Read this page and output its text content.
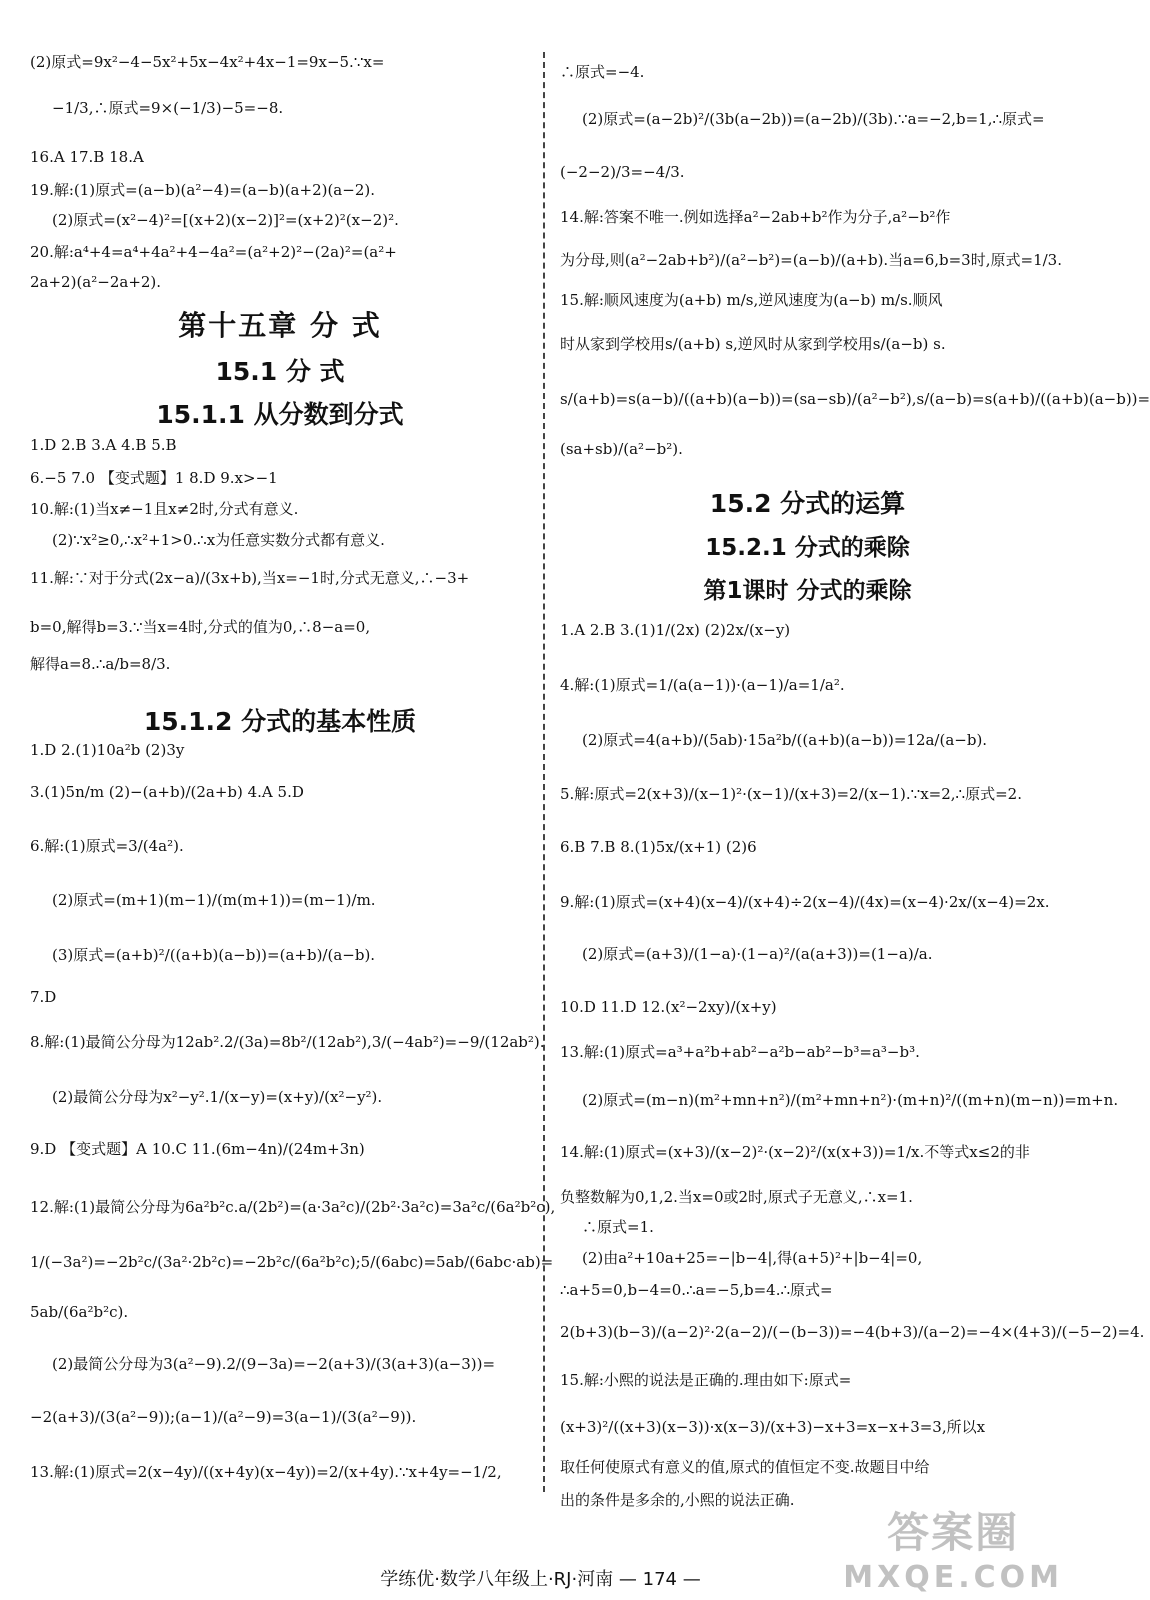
(2)原式=9x²−4−5x²+5x−4x²+4x−1=9x−5.∵x=
−1/3,∴原式=9×(−1/3)−5=−8.
16.A 17.B 18.A
19.解:(1)原式=(a−b)(a²−4)=(a−b)(a+2)(a−2).
(2)原式=(x²−4)²=[(x+2)(x−2)]²=(x+2)²(x−2)².
20.解:a⁴+4=a⁴+4a²+4−4a²=(a²+2)²−(2a)²=(a²+
2a+2)(a²−2a+2).
第十五章 分 式
15.1 分 式
15.1.1 从分数到分式
1.D 2.B 3.A 4.B 5.B
6.−5 7.0 【变式题】1 8.D 9.x>−1
10.解:(1)当x≠−1且x≠2时,分式有意义.
(2)∵x²≥0,∴x²+1>0.∴x为任意实数分式都有意义.
11.解:∵对于分式(2x−a)/(3x+b),当x=−1时,分式无意义,∴−3+
b=0,解得b=3.∵当x=4时,分式的值为0,∴8−a=0,
解得a=8.∴a/b=8/3.
15.1.2 分式的基本性质
1.D 2.(1)10a²b (2)3y
3.(1)5n/m (2)−(a+b)/(2a+b) 4.A 5.D
6.解:(1)原式=3/(4a²).
(2)原式=(m+1)(m−1)/(m(m+1))=(m−1)/m.
(3)原式=(a+b)²/((a+b)(a−b))=(a+b)/(a−b).
7.D
8.解:(1)最简公分母为12ab².2/(3a)=8b²/(12ab²),3/(−4ab²)=−9/(12ab²).
(2)最简公分母为x²−y².1/(x−y)=(x+y)/(x²−y²).
9.D 【变式题】A 10.C 11.(6m−4n)/(24m+3n)
12.解:(1)最简公分母为6a²b²c.a/(2b²)=(a·3a²c)/(2b²·3a²c)=3a²c/(6a²b²c),
1/(−3a²)=−2b²c/(3a²·2b²c)=−2b²c/(6a²b²c);5/(6abc)=5ab/(6abc·ab)=
5ab/(6a²b²c).
(2)最简公分母为3(a²−9).2/(9−3a)=−2(a+3)/(3(a+3)(a−3))=
−2(a+3)/(3(a²−9));(a−1)/(a²−9)=3(a−1)/(3(a²−9)).
13.解:(1)原式=2(x−4y)/((x+4y)(x−4y))=2/(x+4y).∵x+4y=−1/2,
∴原式=−4.
(2)原式=(a−2b)²/(3b(a−2b))=(a−2b)/(3b).∵a=−2,b=1,∴原式=
(−2−2)/3=−4/3.
14.解:答案不唯一.例如选择a²−2ab+b²作为分子,a²−b²作
为分母,则(a²−2ab+b²)/(a²−b²)=(a−b)/(a+b).当a=6,b=3时,原式=1/3.
15.解:顺风速度为(a+b) m/s,逆风速度为(a−b) m/s.顺风
时从家到学校用s/(a+b) s,逆风时从家到学校用s/(a−b) s.
s/(a+b)=s(a−b)/((a+b)(a−b))=(sa−sb)/(a²−b²),s/(a−b)=s(a+b)/((a+b)(a−b))=
(sa+sb)/(a²−b²).
15.2 分式的运算
15.2.1 分式的乘除
第1课时 分式的乘除
1.A 2.B 3.(1)1/(2x) (2)2x/(x−y)
4.解:(1)原式=1/(a(a−1))·(a−1)/a=1/a².
(2)原式=4(a+b)/(5ab)·15a²b/((a+b)(a−b))=12a/(a−b).
5.解:原式=2(x+3)/(x−1)²·(x−1)/(x+3)=2/(x−1).∵x=2,∴原式=2.
6.B 7.B 8.(1)5x/(x+1) (2)6
9.解:(1)原式=(x+4)(x−4)/(x+4)÷2(x−4)/(4x)=(x−4)·2x/(x−4)=2x.
(2)原式=(a+3)/(1−a)·(1−a)²/(a(a+3))=(1−a)/a.
10.D 11.D 12.(x²−2xy)/(x+y)
13.解:(1)原式=a³+a²b+ab²−a²b−ab²−b³=a³−b³.
(2)原式=(m−n)(m²+mn+n²)/(m²+mn+n²)·(m+n)²/((m+n)(m−n))=m+n.
14.解:(1)原式=(x+3)/(x−2)²·(x−2)²/(x(x+3))=1/x.不等式x≤2的非
负整数解为0,1,2.当x=0或2时,原式子无意义,∴x=1.
∴原式=1.
(2)由a²+10a+25=−|b−4|,得(a+5)²+|b−4|=0,
∴a+5=0,b−4=0.∴a=−5,b=4.∴原式=
2(b+3)(b−3)/(a−2)²·2(a−2)/(−(b−3))=−4(b+3)/(a−2)=−4×(4+3)/(−5−2)=4.
15.解:小熙的说法是正确的.理由如下:原式=
(x+3)²/((x+3)(x−3))·x(x−3)/(x+3)−x+3=x−x+3=3,所以x
取任何使原式有意义的值,原式的值恒定不变.故题目中给
出的条件是多余的,小熙的说法正确.
学练优·数学八年级上·RJ·河南 — 174 —
答案圈
MXQE.COM
